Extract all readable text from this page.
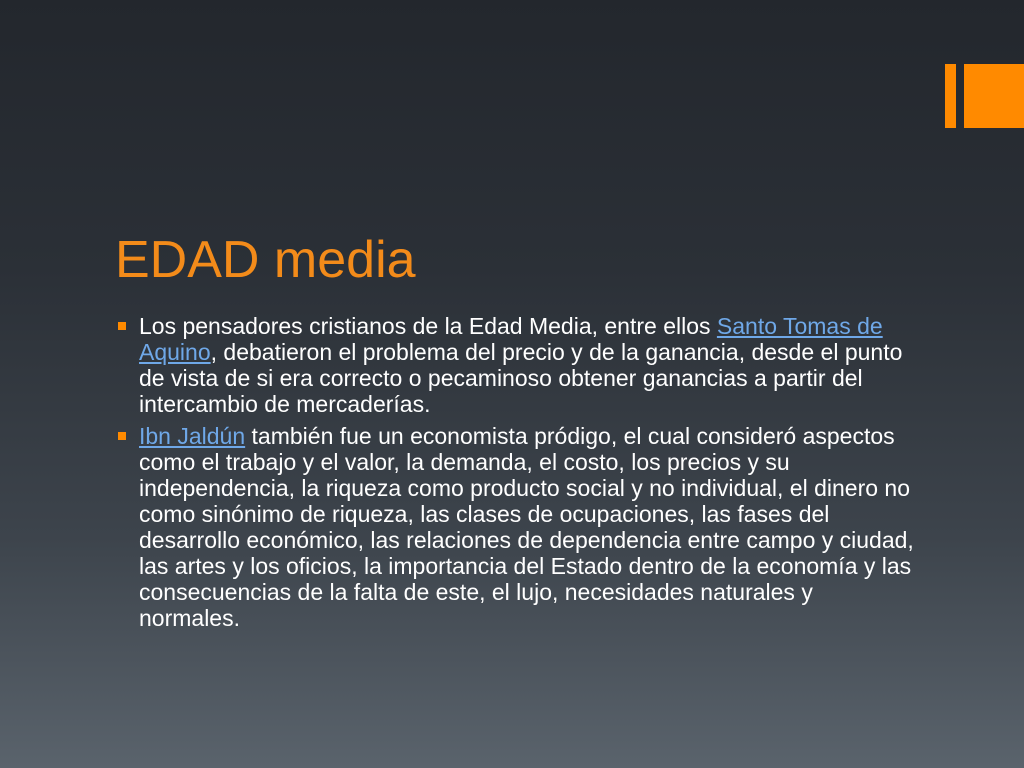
EDAD media
Los pensadores cristianos de la Edad Media, entre ellos Santo Tomas de Aquino, debatieron el problema del precio y de la ganancia, desde el punto de vista de si era correcto o pecaminoso obtener ganancias a partir del intercambio de mercaderías.
Ibn Jaldún también fue un economista pródigo, el cual consideró aspectos como el trabajo y el valor, la demanda, el costo, los precios y su independencia, la riqueza como producto social y no individual, el dinero no como sinónimo de riqueza, las clases de ocupaciones, las fases del desarrollo económico, las relaciones de dependencia entre campo y ciudad, las artes y los oficios, la importancia del Estado dentro de la economía y las consecuencias de la falta de este, el lujo, necesidades naturales y normales.
